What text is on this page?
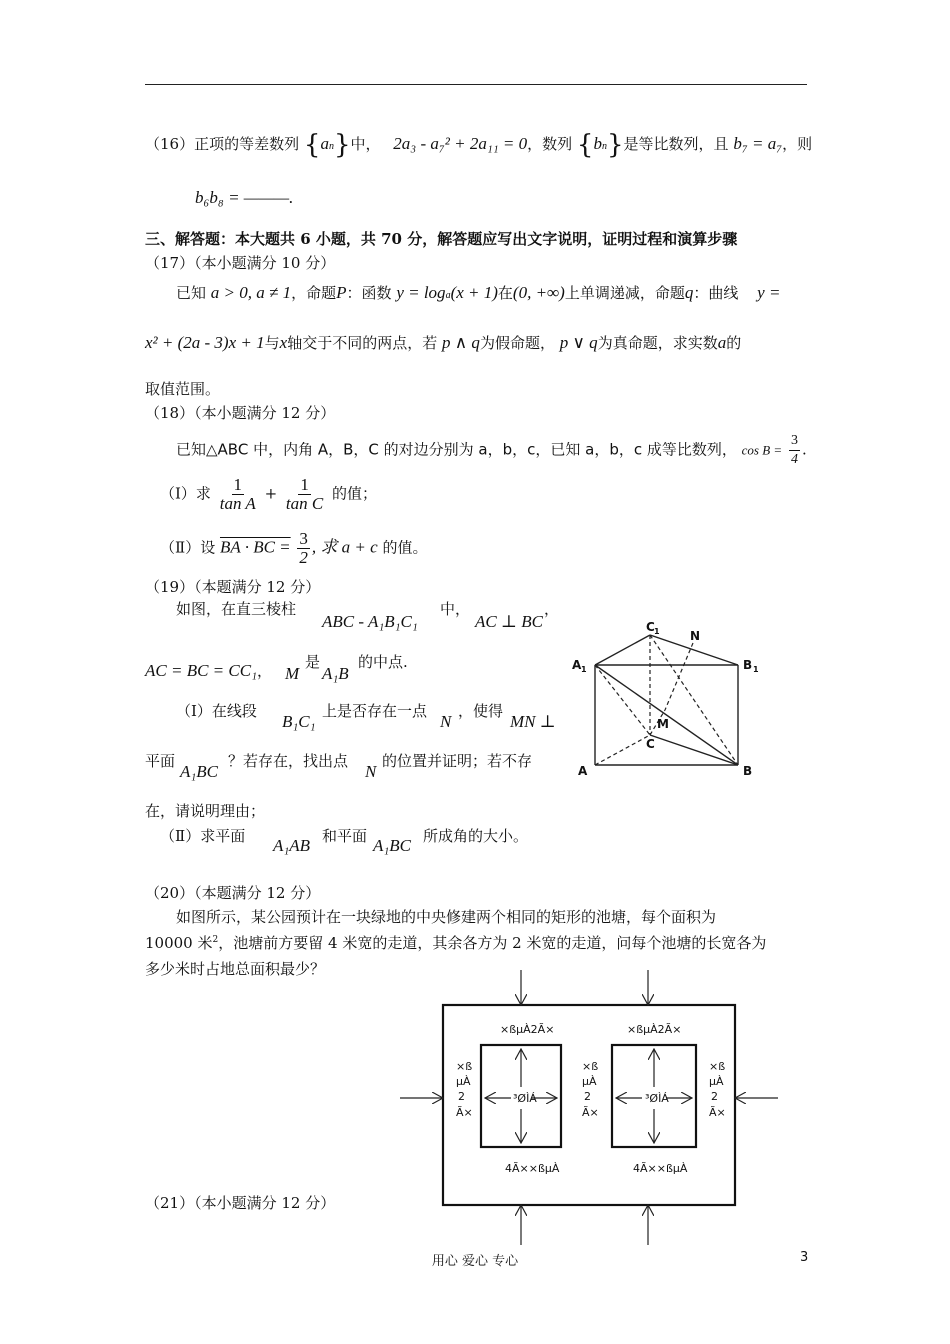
（16）正项的等差数列 {an}中， 2a₃ - a₇² + 2a₁₁ = 0，数列 {bn}是等比数列，且 b₇ = a₇，则
b₆b₈ = ———.
三、解答题：本大题共 6 小题，共 70 分，解答题应写出文字说明，证明过程和演算步骤
（17）（本小题满分 10 分）
已知 a > 0, a ≠ 1，命题P：函数 y = loga(x + 1)在(0, +∞)上单调递减，命题q：曲线 y =
x² + (2a - 3)x + 1与x轴交于不同的两点，若 p ∧ q为假命题， p ∨ q为真命题，求实数a的
取值范围。
（18）（本小题满分 12 分）
已知△ABC 中，内角 A，B，C 的对边分别为 a，b，c，已知 a，b，c 成等比数列， $\cos B = \frac{3}{4}$ .
（Ⅰ）求 $\frac{1}{\text{tan A}} + \frac{1}{\text{tan C}}$ 的值；
（Ⅱ）设 BA · BC = $\frac{3}{2}$ , 求 a + c 的值。
（19）（本题满分 12 分）
如图，在直三棱柱
ABC - A₁B₁C₁
中，
AC ⊥ BC
，
AC = BC = CC₁， 是
M A₁B
的中点.
（Ⅰ）在线段
B₁C₁
上是否存在一点
N
，使得
MN ⊥
平面
A₁BC
？若存在，找出点
N
的位置并证明；若不存
在，请说明理由；
（Ⅱ）求平面 A₁AB 和平面 A₁BC 所成角的大小。
C 1	N
A 1	B 1
M
C
A	B
（20）（本题满分 12 分）
如图所示，某公园预计在一块绿地的中央修建两个相同的矩形的池塘，每个面积为
10000 米$^2$，池塘前方要留 4 米宽的走道，其余各方为 2 米宽的走道，问每个池塘的长宽各为
多少米时占地总面积最少？
×ßµÀ2Ã×	×ßµÀ2Ã×
×ß
µÀ
2
Ã×
×ß
µÀ
2
Ã×
×ß
µÀ
2
Ã×
³ØÌÁ	³ØÌÁ
4Ã××ßµÀ	4Ã××ßµÀ
（21）（本小题满分 12 分）
用心 爱心 专心	3
